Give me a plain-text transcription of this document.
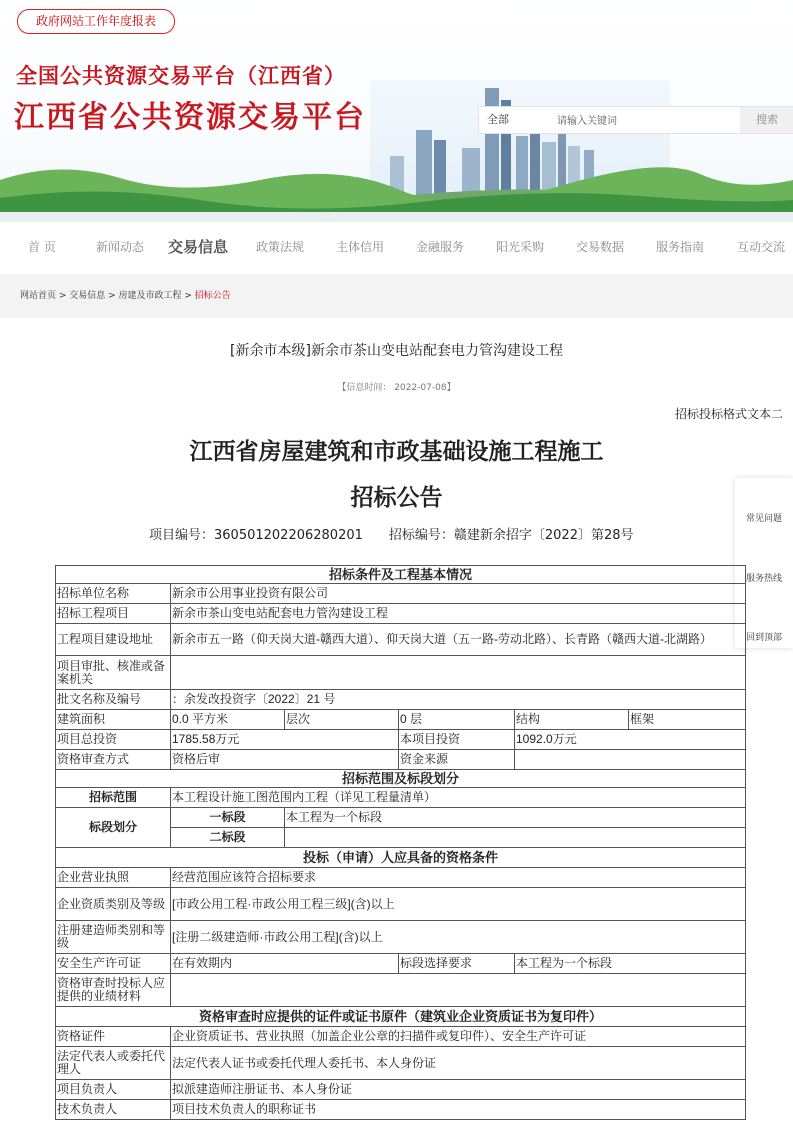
政府网站工作年度报表
全国公共资源交易平台（江西省）
江西省公共资源交易平台	全部
请输入关键词	搜索
首 页	新闻动态 交易信息 政策法规	主体信用	金融服务	阳光采购	交易数据	服务指南	互动交流
网站首页 > 交易信息 > 房建及市政工程 > 招标公告
[新余市本级]新余市茶山变电站配套电力管沟建设工程
【信息时间： 2022-07-08】
招标投标格式文本二
江西省房屋建筑和市政基础设施工程施工
招标公告
项目编号：360501202206280201　　招标编号：赣建新余招字〔2022〕第28号
常见问题
服务热线
回到顶部
招标条件及工程基本情况					
招标单位名称	新余市公用事业投资有限公司				
招标工程项目	新余市茶山变电站配套电力管沟建设工程				
工程项目建设地址	新余市五一路（仰天岗大道-赣西大道）、仰天岗大道（五一路-劳动北路）、长青路（赣西大道-北湖路）				
项目审批、核准或备案机关					
批文名称及编号	：余发改投资字〔2022〕21 号				
建筑面积	0.0 平方米	层次	0 层	结构	框架
项目总投资	1785.58万元		本项目投资	1092.0万元	
资格审查方式	资格后审		资金来源		
招标范围及标段划分					
招标范围	本工程设计施工图范围内工程（详见工程量清单）				
标段划分	一标段	本工程为一个标段			
	二标段				
投标（申请）人应具备的资格条件					
企业营业执照	经营范围应该符合招标要求				
企业资质类别及等级	[市政公用工程·市政公用工程三级](含)以上				
注册建造师类别和等级	[注册二级建造师·市政公用工程](含)以上				
安全生产许可证	在有效期内		标段选择要求	本工程为一个标段	
资格审查时投标人应提供的业绩材料					
资格审查时应提供的证件或证书原件（建筑业企业资质证书为复印件）					
资格证件	企业资质证书、营业执照（加盖企业公章的扫描件或复印件）、安全生产许可证				
法定代表人或委托代理人	法定代表人证书或委托代理人委托书、本人身份证				
项目负责人	拟派建造师注册证书、本人身份证				
技术负责人	项目技术负责人的职称证书				
